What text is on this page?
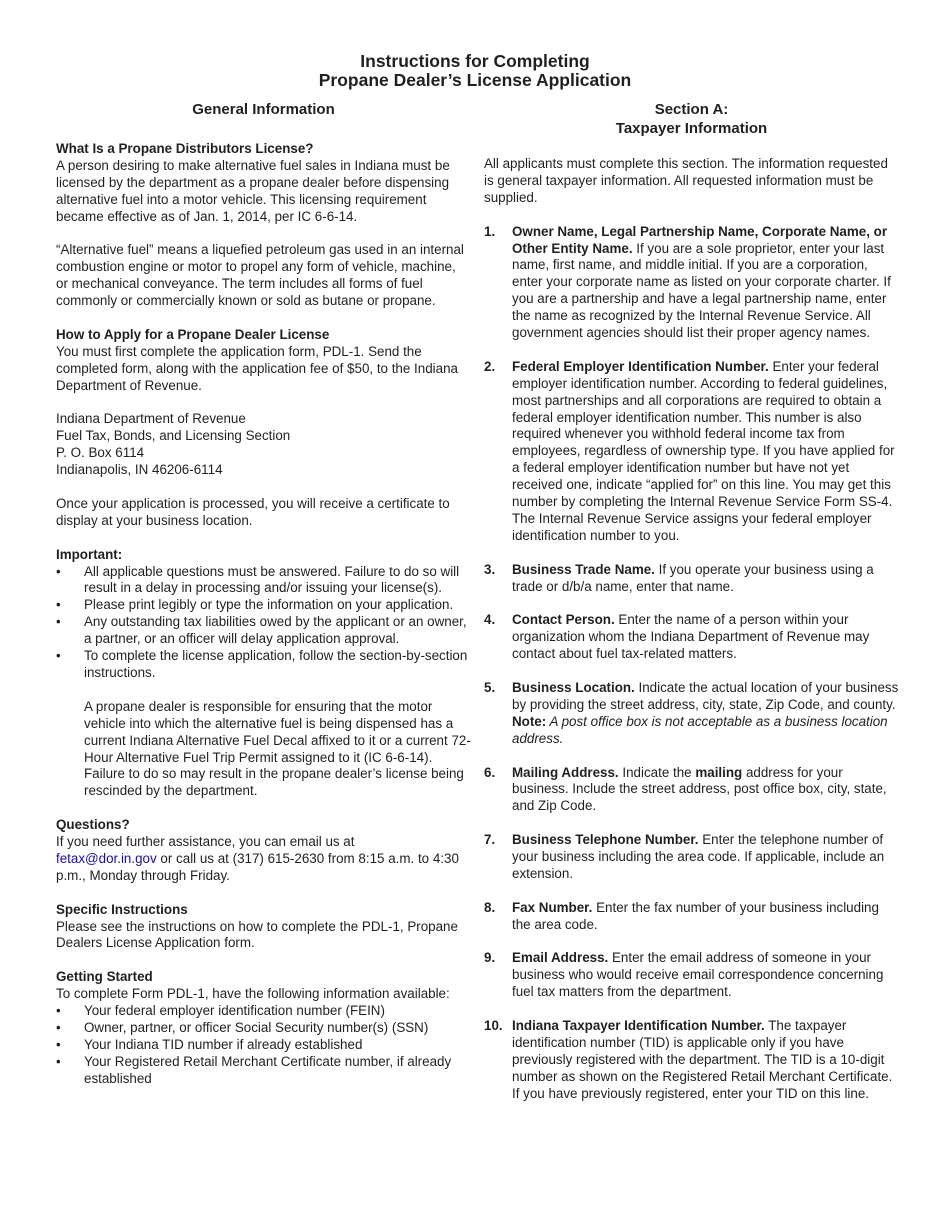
Instructions for Completing
Propane Dealer’s License Application
General Information
What Is a Propane Distributors License?

A person desiring to make alternative fuel sales in Indiana must be licensed by the department as a propane dealer before dispensing alternative fuel into a motor vehicle. This licensing requirement became effective as of Jan. 1, 2014, per IC 6-6-14.

“Alternative fuel” means a liquefied petroleum gas used in an internal combustion engine or motor to propel any form of vehicle, machine, or mechanical conveyance. The term includes all forms of fuel commonly or commercially known or sold as butane or propane.

How to Apply for a Propane Dealer License

You must first complete the application form, PDL-1. Send the completed form, along with the application fee of $50, to the Indiana Department of Revenue.

Indiana Department of Revenue

Fuel Tax, Bonds, and Licensing Section

P. O. Box 6114

Indianapolis, IN 46206-6114

Once your application is processed, you will receive a certificate to display at your business location.

Important:
• All applicable questions must be answered. Failure to do so will result in a delay in processing and/or issuing your license(s).
• Please print legibly or type the information on your application.
• Any outstanding tax liabilities owed by the applicant or an owner, a partner, or an officer will delay application approval.
• To complete the license application, follow the section-by-section instructions.

A propane dealer is responsible for ensuring that the motor vehicle into which the alternative fuel is being dispensed has a current Indiana Alternative Fuel Decal affixed to it or a current 72-Hour Alternative Fuel Trip Permit assigned to it (IC 6-6-14). Failure to do so may result in the propane dealer’s license being rescinded by the department.

Questions?

If you need further assistance, you can email us at
fetax@dor.in.gov or call us at (317) 615-2630 from 8:15 a.m. to 4:30 p.m., Monday through Friday.

Specific Instructions

Please see the instructions on how to complete the PDL-1, Propane Dealers License Application form.

Getting Started

To complete Form PDL-1, have the following information available:

• Your federal employer identification number (FEIN)
• Owner, partner, or officer Social Security number(s) (SSN)
• Your Indiana TID number if already established
• Your Registered Retail Merchant Certificate number, if already established
Section A:
Taxpayer Information

All applicants must complete this section. The information requested is general taxpayer information. All requested information must be supplied.

1. Owner Name, Legal Partnership Name, Corporate Name, or Other Entity Name. If you are a sole proprietor, enter your last name, first name, and middle initial. If you are a corporation, enter your corporate name as listed on your corporate charter. If you are a partnership and have a legal partnership name, enter the name as recognized by the Internal Revenue Service. All government agencies should list their proper agency names.
2. Federal Employer Identification Number. Enter your federal employer identification number. According to federal guidelines, most partnerships and all corporations are required to obtain a federal employer identification number. This number is also required whenever you withhold federal income tax from employees, regardless of ownership type. If you have applied for a federal employer identification number but have not yet received one, indicate “applied for” on this line. You may get this number by completing the Internal Revenue Service Form SS-4. The Internal Revenue Service assigns your federal employer identification number to you.
3. Business Trade Name. If you operate your business using a trade or d/b/a name, enter that name.
4. Contact Person. Enter the name of a person within your organization whom the Indiana Department of Revenue may contact about fuel tax-related matters.
5. Business Location. Indicate the actual location of your business by providing the street address, city, state, Zip Code, and county. Note: A post office box is not acceptable as a business location address.
6. Mailing Address. Indicate the mailing address for your business. Include the street address, post office box, city, state, and Zip Code.
7. Business Telephone Number. Enter the telephone number of your business including the area code. If applicable, include an extension.
8. Fax Number. Enter the fax number of your business including the area code.
9. Email Address. Enter the email address of someone in your business who would receive email correspondence concerning fuel tax matters from the department.
10. Indiana Taxpayer Identification Number. The taxpayer identification number (TID) is applicable only if you have previously registered with the department. The TID is a 10-digit number as shown on the Registered Retail Merchant Certificate. If you have previously registered, enter your TID on this line.
